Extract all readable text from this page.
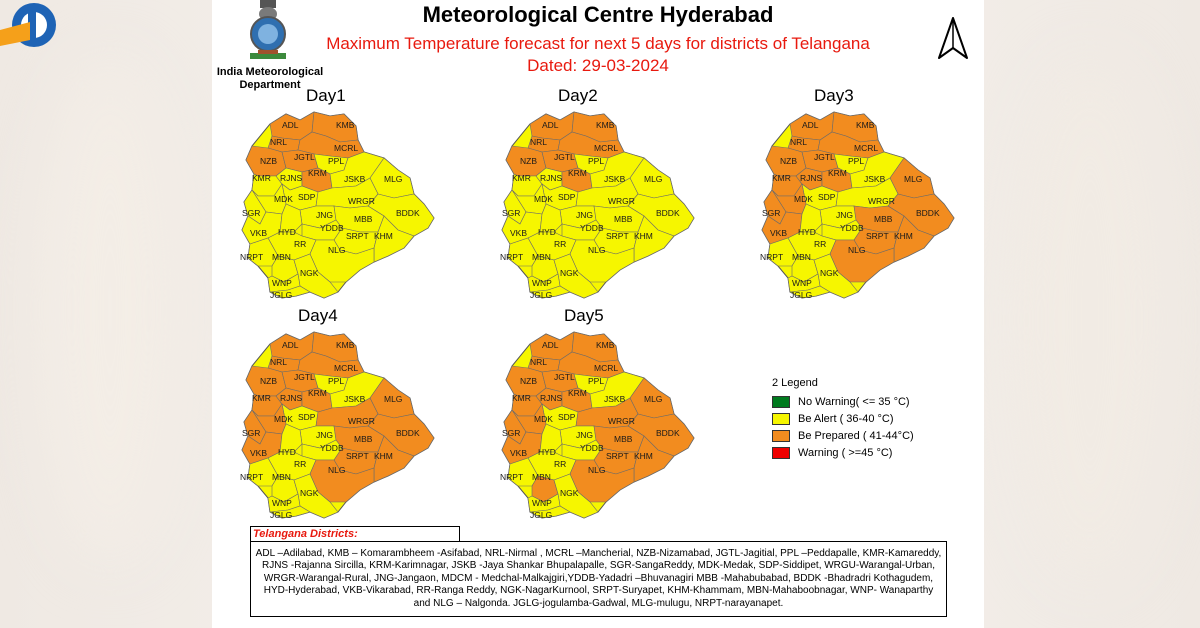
India Meteorological Department
Meteorological Centre Hyderabad
Maximum Temperature forecast for next 5 days for districts of Telangana
Dated: 29-03-2024
Day1	Day2	Day3
Day4	Day5
ADL	KMB
NRL
MCRL
NZB JGTL PPL
KMR RJNS KRM
JSKB MLG
SDP
MDK	WRGR
BDDK
SGR	JNG MBB
VKB HYD	YDDB
SRPT KHM
RR
NLG
NRPT MBN
NGK
WNP
JGLG
ADL	KMB
NRL
MCRL
NZB JGTL PPL
KMR RJNS KRM
JSKB MLG
SDP
MDK	WRGR
BDDK
SGR	JNG MBB
VKB HYD	YDDB
SRPT KHM
RR
NLG
NRPT MBN
NGK
WNP
JGLG
ADL	KMB
NRL
MCRL
NZB JGTL PPL
KMR RJNS KRM
JSKB MLG
SDP
MDK	WRGR
BDDK
SGR	JNG MBB
VKB HYD	YDDB
SRPT KHM
RR
NLG
NRPT MBN
NGK
WNP
JGLG
ADL	KMB
NRL
MCRL
NZB JGTL PPL
KMR RJNS KRM
JSKB MLG
SDP
MDK	WRGR
BDDK
SGR	JNG MBB
VKB HYD	YDDB
SRPT KHM
RR
NLG
NRPT MBN
NGK
WNP
JGLG
ADL	KMB
NRL
MCRL
NZB JGTL PPL
KMR RJNS KRM
JSKB MLG
SDP
MDK	WRGR
BDDK
SGR	JNG MBB
VKB HYD	YDDB
SRPT KHM
RR
NLG
NRPT MBN
NGK
WNP
JGLG
2 Legend
No Warning( <= 35 °C)
Be Alert ( 36-40 °C)
Be Prepared ( 41-44°C)
Warning ( >=45 °C)
Telangana Districts:
ADL –Adilabad, KMB – Komarambheem -Asifabad, NRL-Nirmal , MCRL –Mancherial, NZB-Nizamabad, JGTL-Jagitial, PPL –Peddapalle, KMR-Kamareddy,
RJNS -Rajanna Sircilla, KRM-Karimnagar, JSKB -Jaya Shankar Bhupalapalle, SGR-SangaReddy, MDK-Medak, SDP-Siddipet, WRGU-Warangal-Urban,
WRGR-Warangal-Rural, JNG-Jangaon, MDCM - Medchal-Malkajgiri,YDDB-Yadadri –Bhuvanagiri MBB -Mahabubabad, BDDK -Bhadradri Kothagudem,
HYD-Hyderabad, VKB-Vikarabad, RR-Ranga Reddy, NGK-NagarKurnool, SRPT-Suryapet, KHM-Khammam, MBN-Mahaboobnagar, WNP- Wanaparthy
and NLG – Nalgonda. JGLG-jogulamba-Gadwal, MLG-mulugu, NRPT-narayanapet.
